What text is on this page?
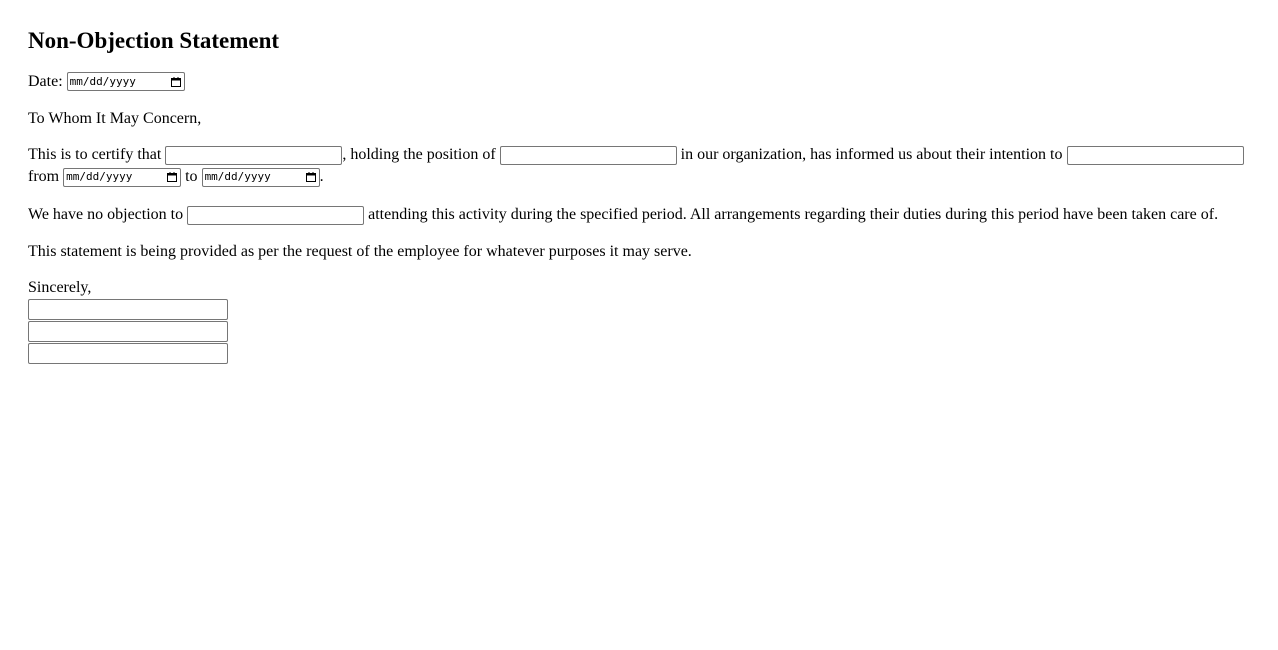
Non-Objection Statement

Date: mm/dd/yyyy

To Whom It May Concern,

This is to certify that	, holding the position of	in our organization, has informed us about their intention to  from mm/dd/yyyy	to mm/dd/yyyy	.

We have no objection to	attending this activity during the specified period. All arrangements regarding their duties during this period have been taken care of.

This statement is being provided as per the request of the employee for whatever purposes it may serve.

Sincerely,
